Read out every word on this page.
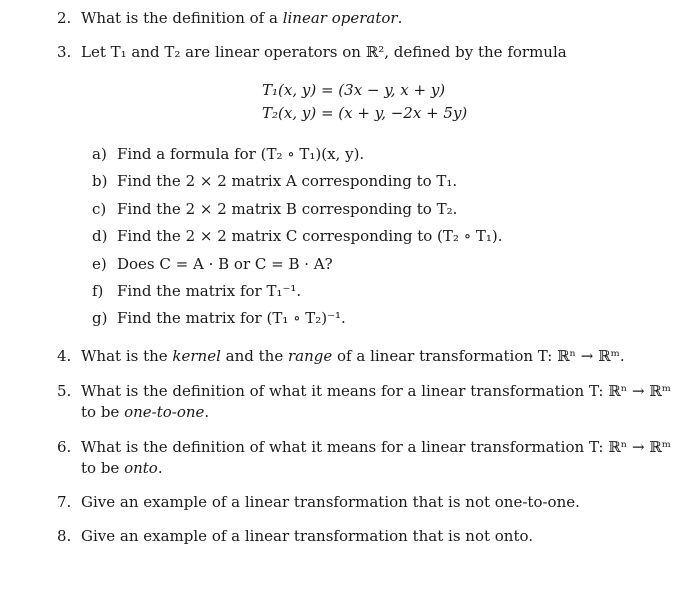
2. What is the definition of a linear operator.
3. Let T₁ and T₂ are linear operators on ℝ², defined by the formula
T₁(x, y) = (3x − y, x + y)
T₂(x, y) = (x + y, −2x + 5y)
a) Find a formula for (T₂ ∘ T₁)(x, y).
b) Find the 2 × 2 matrix A corresponding to T₁.
c) Find the 2 × 2 matrix B corresponding to T₂.
d) Find the 2 × 2 matrix C corresponding to (T₂ ∘ T₁).
e) Does C = A · B or C = B · A?
f) Find the matrix for T₁⁻¹.
g) Find the matrix for (T₁ ∘ T₂)⁻¹.
4. What is the kernel and the range of a linear transformation T: ℝⁿ → ℝᵐ.
5. What is the definition of what it means for a linear transformation T: ℝⁿ → ℝᵐ
to be one-to-one.
6. What is the definition of what it means for a linear transformation T: ℝⁿ → ℝᵐ
to be onto.
7. Give an example of a linear transformation that is not one-to-one.
8. Give an example of a linear transformation that is not onto.
